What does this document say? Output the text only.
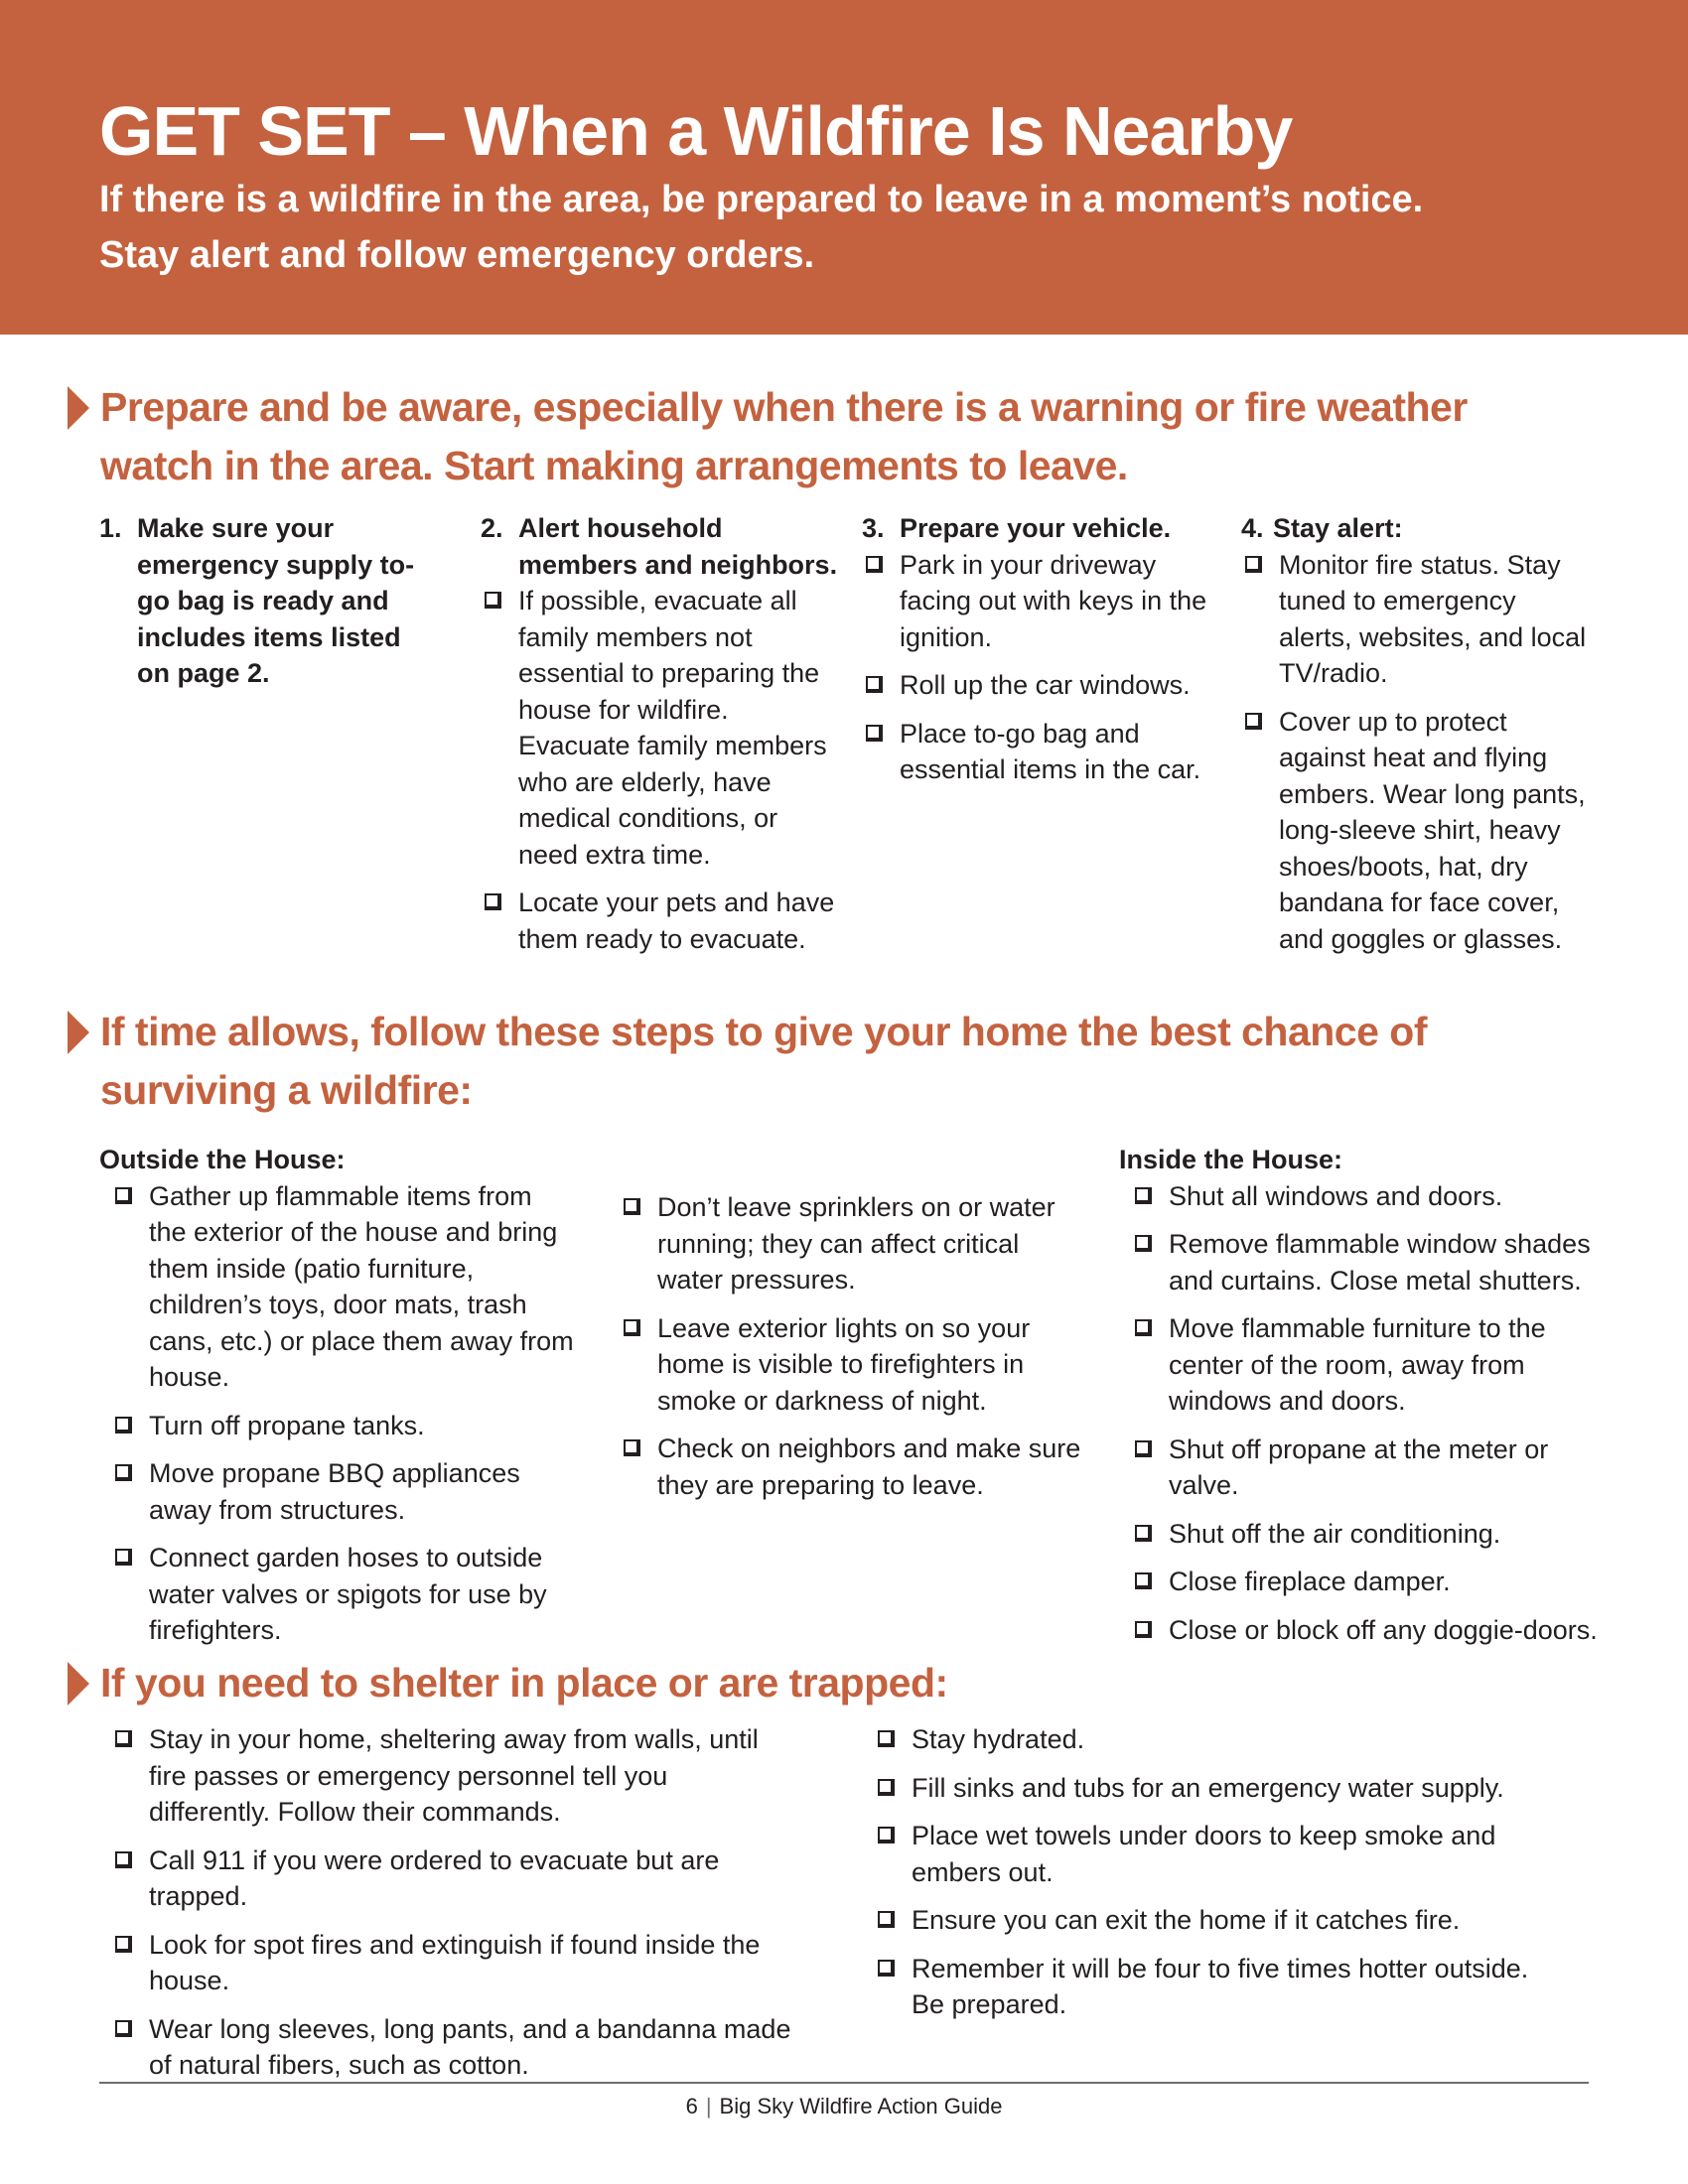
GET SET – When a Wildfire Is Nearby
If there is a wildfire in the area, be prepared to leave in a moment’s notice.
Stay alert and follow emergency orders.
Prepare and be aware, especially when there is a warning or fire weather
watch in the area. Start making arrangements to leave.
1. Make sure your emergency supply to-go bag is ready and includes items listed on page 2.
2. Alert household members and neighbors.
If possible, evacuate all family members not essential to preparing the house for wildfire. Evacuate family members who are elderly, have medical conditions, or need extra time.
Locate your pets and have them ready to evacuate.
3. Prepare your vehicle.
Park in your driveway facing out with keys in the ignition.
Roll up the car windows.
Place to-go bag and essential items in the car.
4. Stay alert:
Monitor fire status. Stay tuned to emergency alerts, websites, and local TV/radio.
Cover up to protect against heat and flying embers. Wear long pants, long-sleeve shirt, heavy shoes/boots, hat, dry bandana for face cover, and goggles or glasses.
If time allows, follow these steps to give your home the best chance of
surviving a wildfire:
Outside the House:
Gather up flammable items from the exterior of the house and bring them inside (patio furniture, children’s toys, door mats, trash cans, etc.) or place them away from house.
Turn off propane tanks.
Move propane BBQ appliances away from structures.
Connect garden hoses to outside water valves or spigots for use by firefighters.
Don’t leave sprinklers on or water running; they can affect critical water pressures.
Leave exterior lights on so your home is visible to firefighters in smoke or darkness of night.
Check on neighbors and make sure they are preparing to leave.
Inside the House:
Shut all windows and doors.
Remove flammable window shades and curtains. Close metal shutters.
Move flammable furniture to the center of the room, away from windows and doors.
Shut off propane at the meter or valve.
Shut off the air conditioning.
Close fireplace damper.
Close or block off any doggie-doors.
If you need to shelter in place or are trapped:
Stay in your home, sheltering away from walls, until fire passes or emergency personnel tell you differently. Follow their commands.
Call 911 if you were ordered to evacuate but are trapped.
Look for spot fires and extinguish if found inside the house.
Wear long sleeves, long pants, and a bandanna made of natural fibers, such as cotton.
Stay hydrated.
Fill sinks and tubs for an emergency water supply.
Place wet towels under doors to keep smoke and embers out.
Ensure you can exit the home if it catches fire.
Remember it will be four to five times hotter outside. Be prepared.
6 | Big Sky Wildfire Action Guide
